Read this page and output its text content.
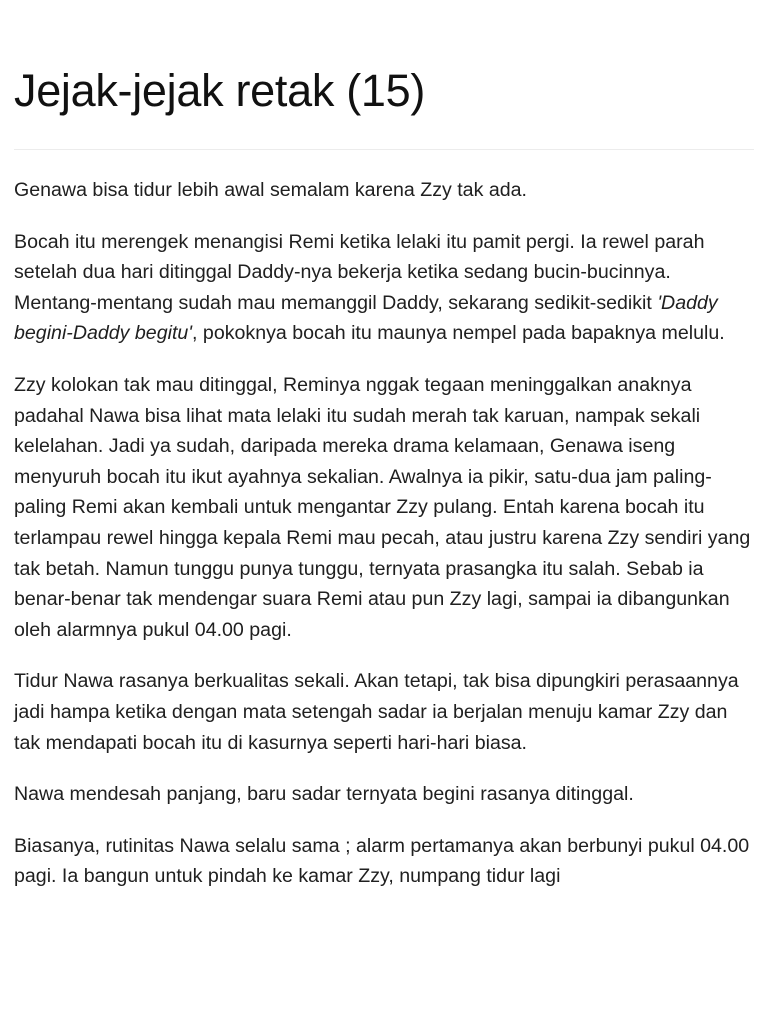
Jejak-jejak retak (15)

Genawa bisa tidur lebih awal semalam karena Zzy tak ada.

Bocah itu merengek menangisi Remi ketika lelaki itu pamit pergi. Ia rewel parah setelah dua hari ditinggal Daddy-nya bekerja ketika sedang bucin-bucinnya. Mentang-mentang sudah mau memanggil Daddy, sekarang sedikit-sedikit 'Daddy begini-Daddy begitu', pokoknya bocah itu maunya nempel pada bapaknya melulu.

Zzy kolokan tak mau ditinggal, Reminya nggak tegaan meninggalkan anaknya padahal Nawa bisa lihat mata lelaki itu sudah merah tak karuan, nampak sekali kelelahan. Jadi ya sudah, daripada mereka drama kelamaan, Genawa iseng menyuruh bocah itu ikut ayahnya sekalian. Awalnya ia pikir, satu-dua jam paling-paling Remi akan kembali untuk mengantar Zzy pulang. Entah karena bocah itu terlampau rewel hingga kepala Remi mau pecah, atau justru karena Zzy sendiri yang tak betah. Namun tunggu punya tunggu, ternyata prasangka itu salah. Sebab ia benar-benar tak mendengar suara Remi atau pun Zzy lagi, sampai ia dibangunkan oleh alarmnya pukul 04.00 pagi.

Tidur Nawa rasanya berkualitas sekali. Akan tetapi, tak bisa dipungkiri perasaannya jadi hampa ketika dengan mata setengah sadar ia berjalan menuju kamar Zzy dan tak mendapati bocah itu di kasurnya seperti hari-hari biasa.

Nawa mendesah panjang, baru sadar ternyata begini rasanya ditinggal.

Biasanya, rutinitas Nawa selalu sama ; alarm pertamanya akan berbunyi pukul 04.00 pagi. Ia bangun untuk pindah ke kamar Zzy, numpang tidur lagi
